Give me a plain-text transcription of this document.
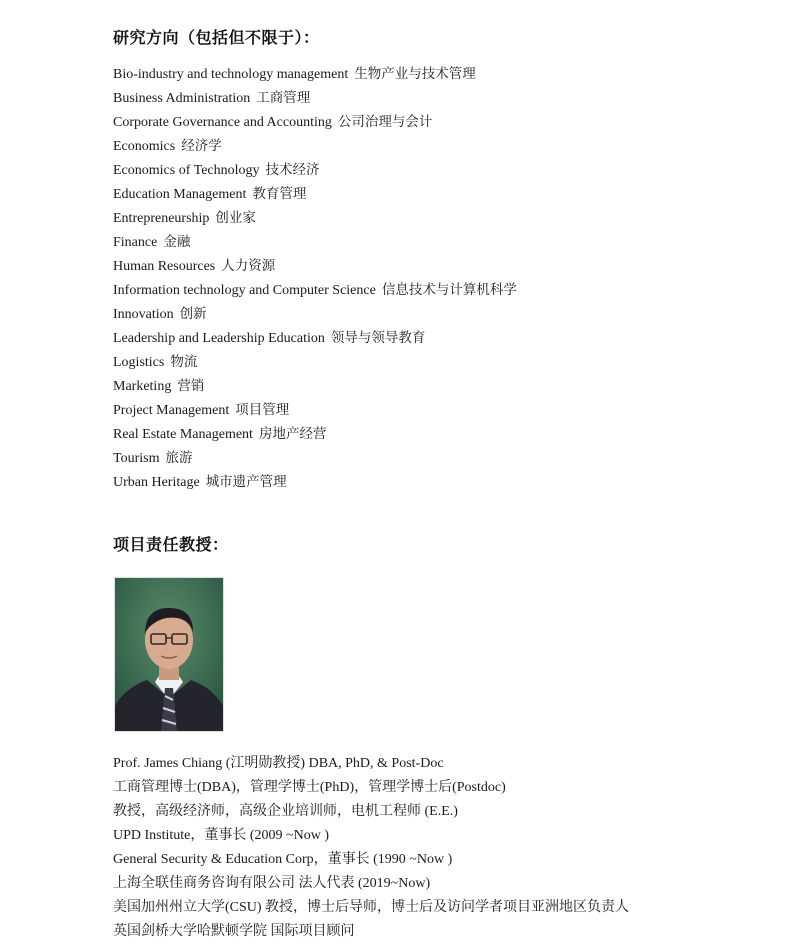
研究方向（包括但不限于）：
Bio-industry and technology management 生物产业与技术管理
Business Administration 工商管理
Corporate Governance and Accounting 公司治理与会计
Economics 经济学
Economics of Technology 技术经济
Education Management 教育管理
Entrepreneurship 创业家
Finance 金融
Human Resources 人力资源
Information technology and Computer Science 信息技术与计算机科学
Innovation 创新
Leadership and Leadership Education 领导与领导教育
Logistics 物流
Marketing 营销
Project Management 项目管理
Real Estate Management 房地产经营
Tourism 旅游
Urban Heritage 城市遗产管理
项目责任教授：
Prof. James Chiang (江明勋教授) DBA, PhD, & Post-Doc
工商管理博士(DBA)，管理学博士(PhD)，管理学博士后(Postdoc)
教授，高级经济师，高级企业培训师，电机工程师 (E.E.)
UPD Institute，董事长 (2009 ~Now )
General Security & Education Corp，董事长 (1990 ~Now )
上海全联佳商务咨询有限公司 法人代表 (2019~Now)
美国加州州立大学(CSU) 教授，博士后导师，博士后及访问学者项目亚洲地区负责人
英国剑桥大学哈默顿学院 国际项目顾问
